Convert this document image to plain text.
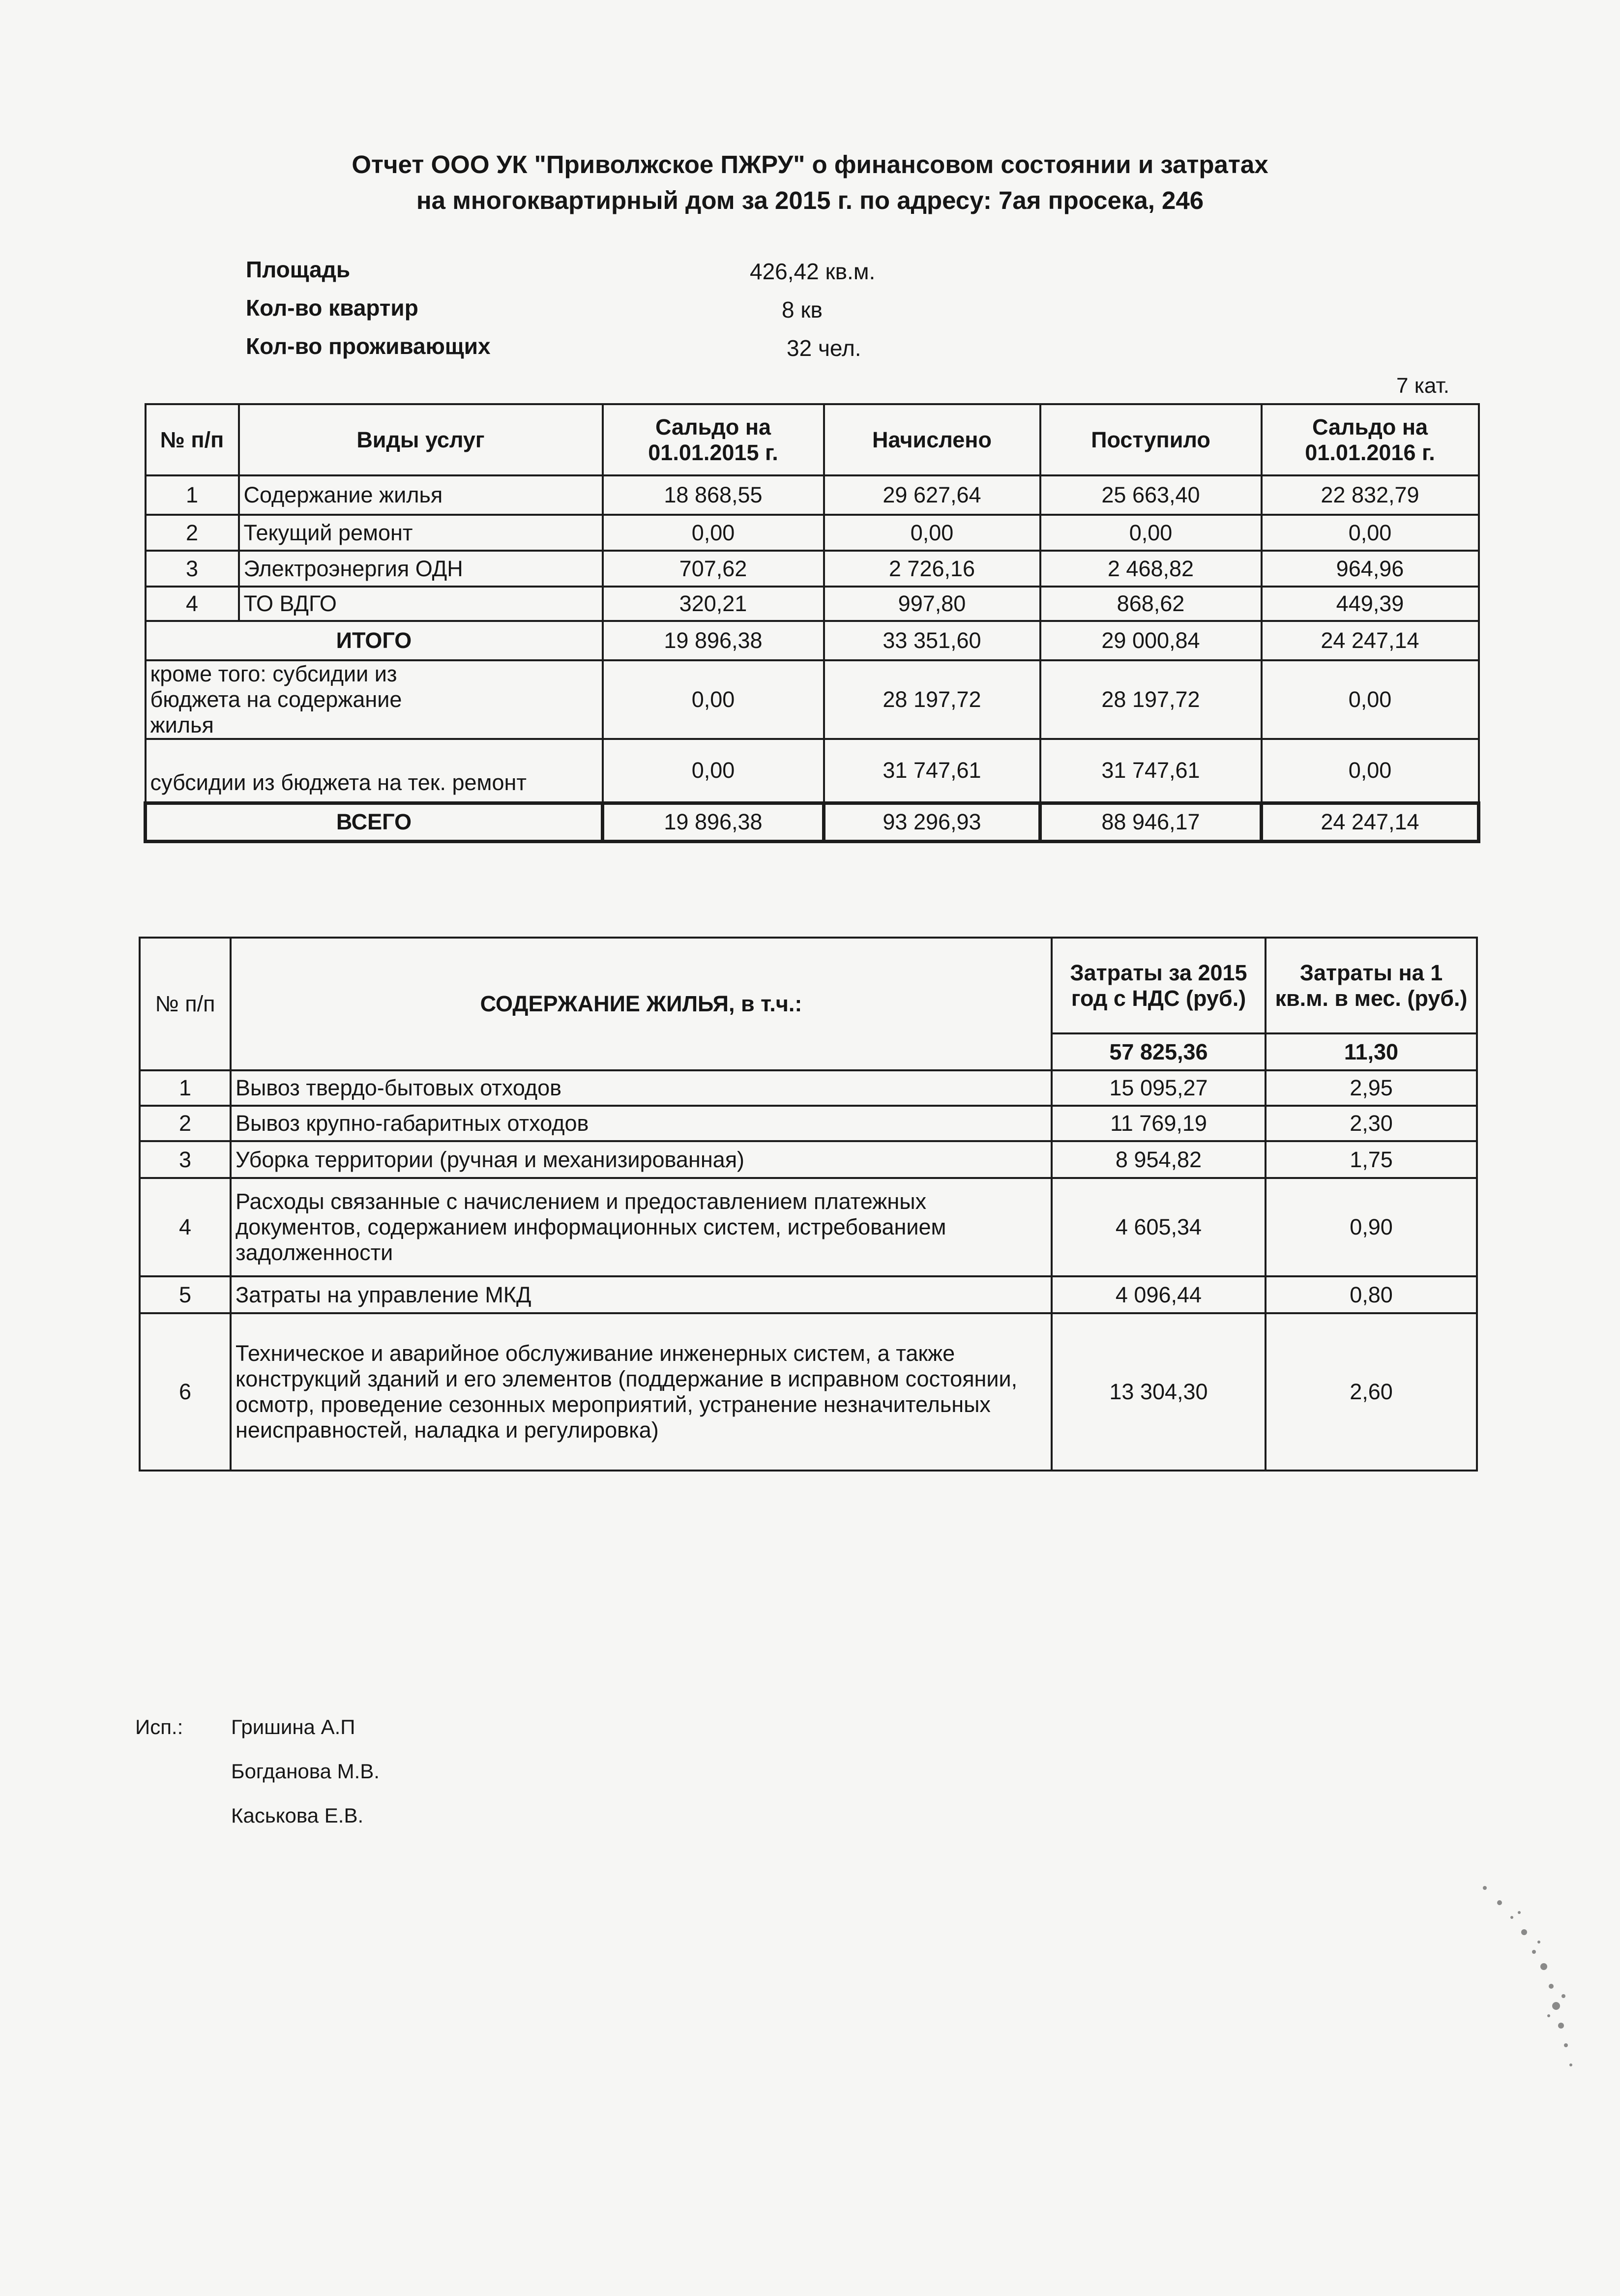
Отчет ООО УК "Приволжское ПЖРУ" о финансовом состоянии и затратах
на многоквартирный дом за 2015 г. по адресу: 7ая просека, 246
Площадь	426,42 кв.м.
Кол-во квартир	8 кв
Кол-во проживающих	32 чел.
7 кат.
№ п/п	Виды услуг	Сальдо на 01.01.2015 г.	Начислено	Поступило	Сальдо на 01.01.2016 г.
1	Содержание жилья	18 868,55	29 627,64	25 663,40	22 832,79
2	Текущий ремонт	0,00	0,00	0,00	0,00
3	Электроэнергия ОДН	707,62	2 726,16	2 468,82	964,96
4	ТО ВДГО	320,21	997,80	868,62	449,39
ИТОГО		19 896,38	33 351,60	29 000,84	24 247,14
кроме того: субсидии из бюджета на содержание жилья		0,00	28 197,72	28 197,72	0,00
субсидии из бюджета на тек. ремонт		0,00	31 747,61	31 747,61	0,00
ВСЕГО		19 896,38	93 296,93	88 946,17	24 247,14
№ п/п	СОДЕРЖАНИЕ ЖИЛЬЯ, в т.ч.:	Затраты за 2015 год с НДС (руб.)	Затраты на 1 кв.м. в мес. (руб.)
		57 825,36	11,30
1	Вывоз твердо-бытовых отходов	15 095,27	2,95
2	Вывоз крупно-габаритных отходов	11 769,19	2,30
3	Уборка территории (ручная и механизированная)	8 954,82	1,75
4	Расходы связанные с начислением и предоставлением платежных документов, содержанием информационных систем, истребованием задолженности	4 605,34	0,90
5	Затраты на управление МКД	4 096,44	0,80
6	Техническое и аварийное обслуживание инженерных систем, а также конструкций зданий и его элементов (поддержание в исправном состоянии, осмотр, проведение сезонных мероприятий, устранение незначительных неисправностей, наладка и регулировка)	13 304,30	2,60
Исп.: Гришина А.П
Богданова М.В.
Каськова Е.В.
